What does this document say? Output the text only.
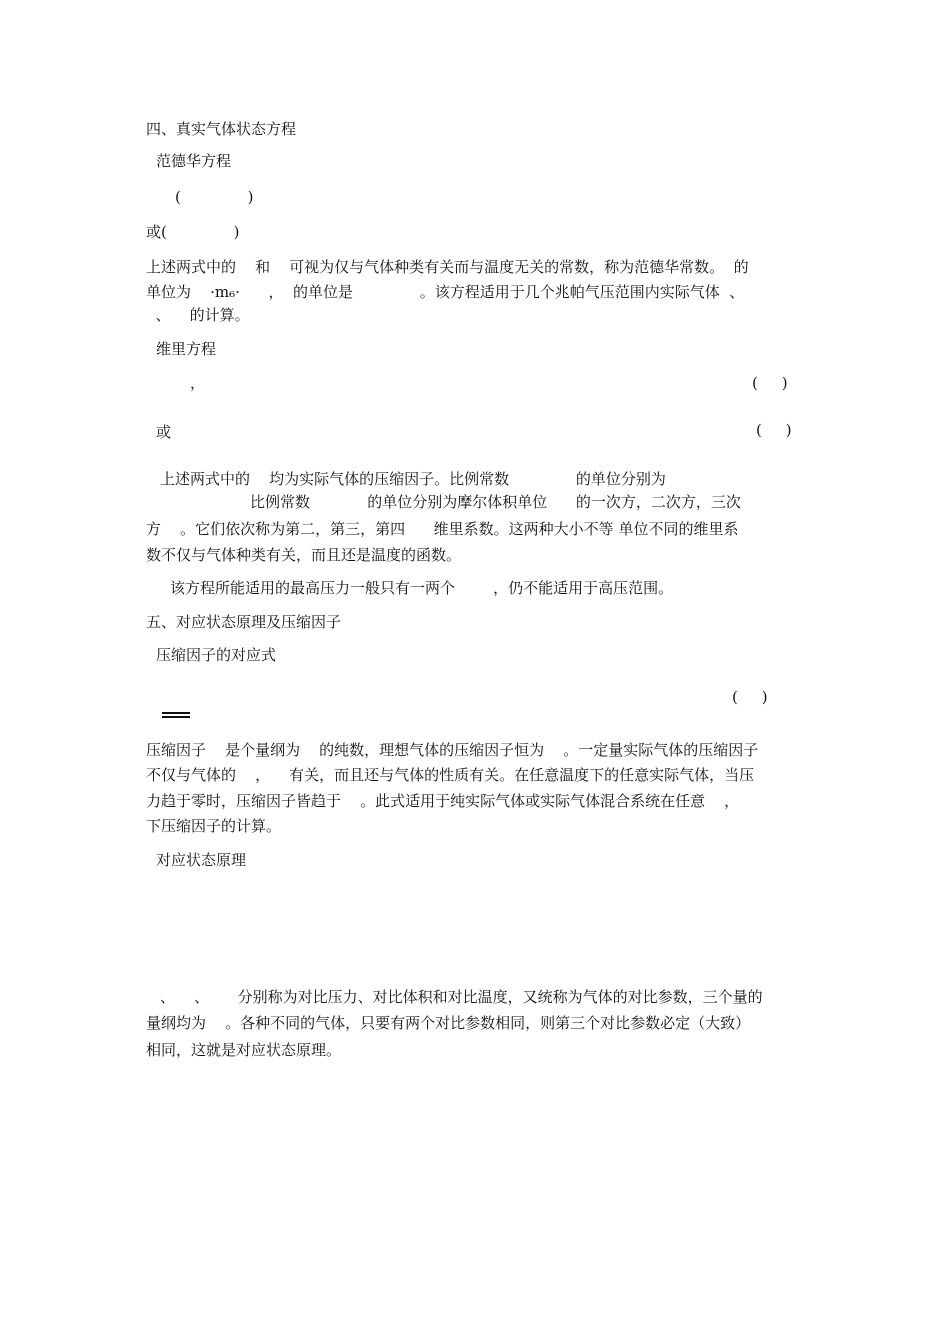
四、真实气体状态方程
范德华方程
(              )
或(              )
上述两式中的    和    可视为仅与气体种类有关而与温度无关的常数，称为范德华常数。  的
单位为    ·m₆·      ，  的单位是              。该方程适用于几个兆帕气压范围内实际气体  、
、    的计算。
维里方程
，	(     )
或	(     )
上述两式中的    均为实际气体的压缩因子。比例常数              的单位分别为
比例常数            的单位分别为摩尔体积单位      的一次方，二次方，三次
方    。它们依次称为第二，第三，第四      维里系数。这两种大小不等 单位不同的维里系
数不仅与气体种类有关，而且还是温度的函数。
该方程所能适用的最高压力一般只有一两个        ，仍不能适用于高压范围。
五、对应状态原理及压缩因子
压缩因子的对应式
(     )
压缩因子    是个量纲为    的纯数，理想气体的压缩因子恒为    。一定量实际气体的压缩因子
不仅与气体的    ，    有关，而且还与气体的性质有关。在任意温度下的任意实际气体，当压
力趋于零时，压缩因子皆趋于    。此式适用于纯实际气体或实际气体混合系统在任意    ，
下压缩因子的计算。
对应状态原理
、    、      分别称为对比压力、对比体积和对比温度，又统称为气体的对比参数，三个量的
量纲均为    。各种不同的气体，只要有两个对比参数相同，则第三个对比参数必定（大致）
相同，这就是对应状态原理。
